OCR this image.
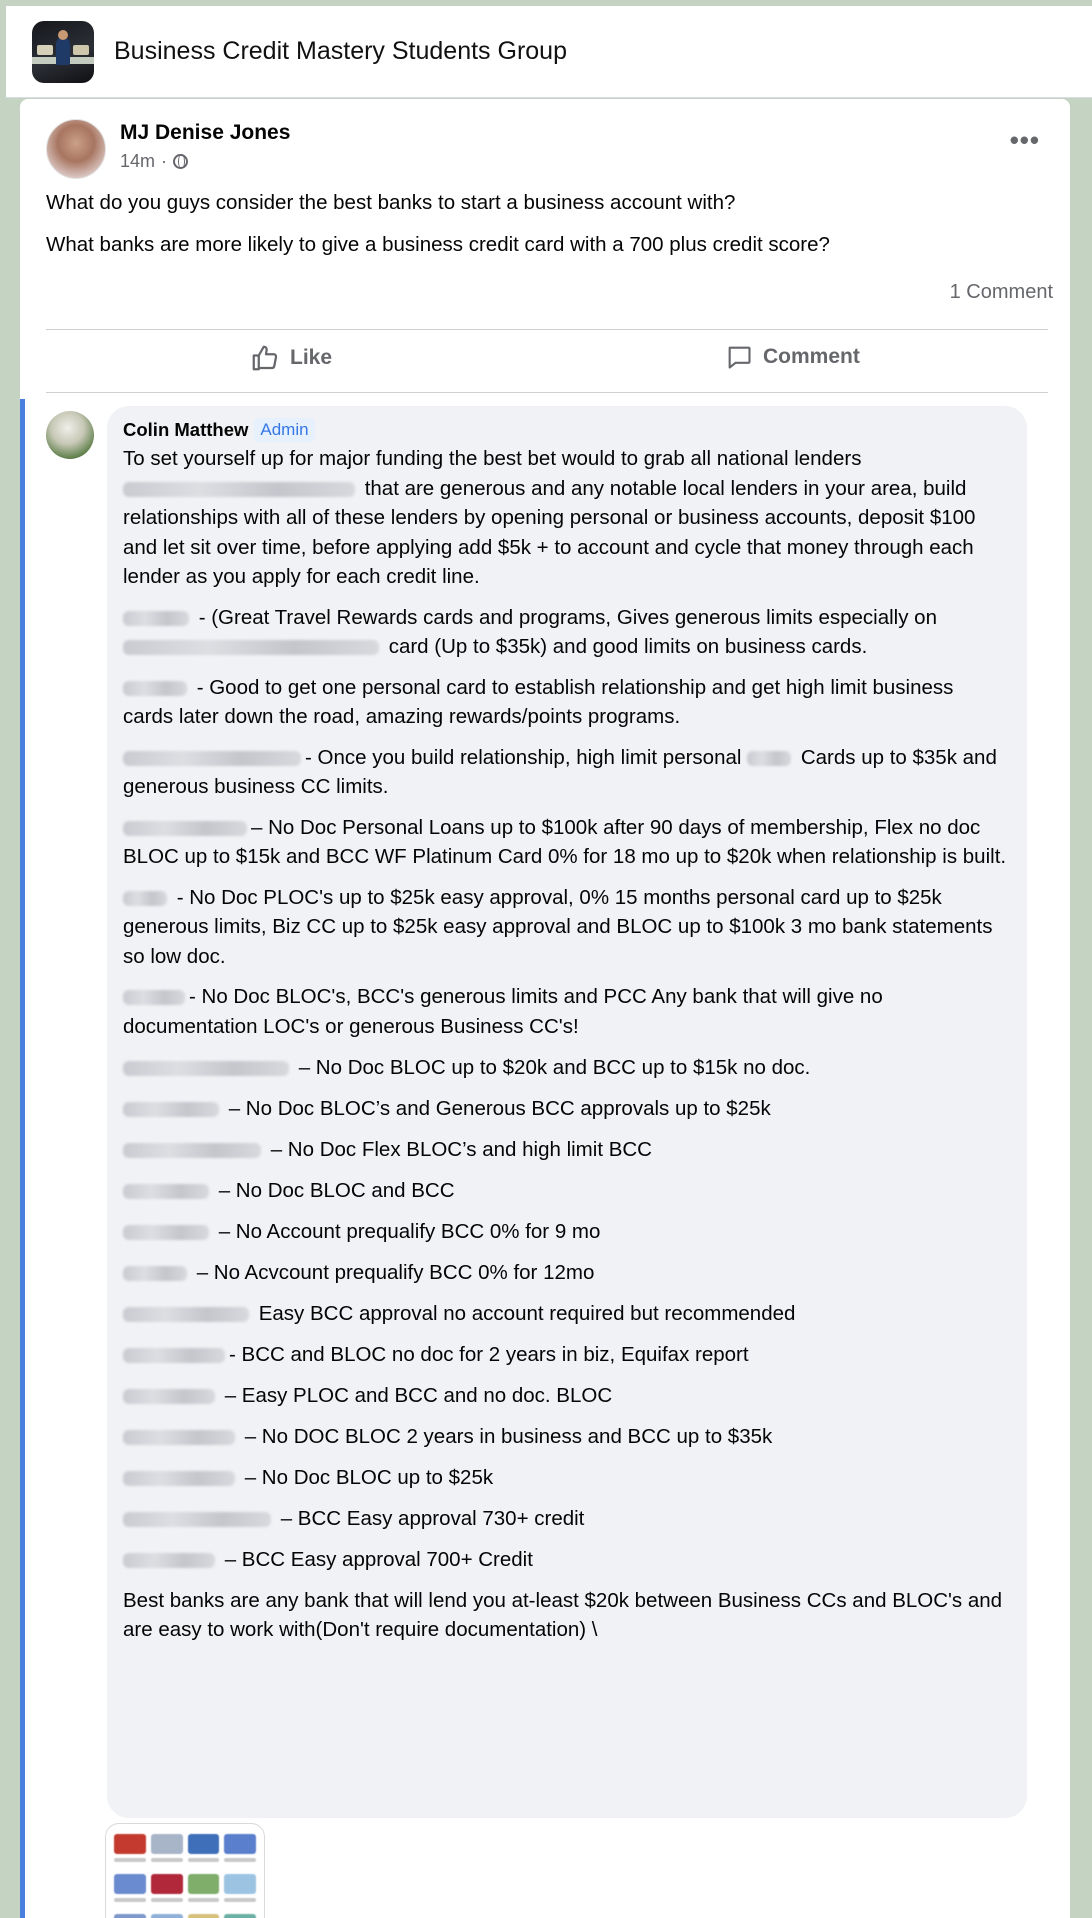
Business Credit Mastery Students Group
MJ Denise Jones
14m ·
•••
What do you guys consider the best banks to start a business account with?
What banks are more likely to give a business credit card with a 700 plus credit score?
1 Comment
Like	Comment
Colin Matthew Admin

To set yourself up for major funding the best bet would to grab all national lenders that are generous and any notable local lenders in your area, build relationships with all of these lenders by opening personal or business accounts, deposit $100 and let sit over time, before applying add $5k + to account and cycle that money through each lender as you apply for each credit line.

- (Great Travel Rewards cards and programs, Gives generous limits especially on  card (Up to $35k) and good limits on business cards.

- Good to get one personal card to establish relationship and get high limit business cards later down the road, amazing rewards/points programs.

- Once you build relationship, high limit personal  Cards up to $35k and generous business CC limits.

– No Doc Personal Loans up to $100k after 90 days of membership, Flex no doc BLOC up to $15k and BCC WF Platinum Card 0% for 18 mo up to $20k when relationship is built.

- No Doc PLOC's up to $25k easy approval, 0% 15 months personal card up to $25k generous limits, Biz CC up to $25k easy approval and BLOC up to $100k 3 mo bank statements so low doc.

- No Doc BLOC's, BCC's generous limits and PCC Any bank that will give no documentation LOC's or generous Business CC's!

– No Doc BLOC up to $20k and BCC up to $15k no doc.

– No Doc BLOC’s and Generous BCC approvals up to $25k

– No Doc Flex BLOC’s and high limit BCC

– No Doc BLOC and BCC

– No Account prequalify BCC 0% for 9 mo

– No Acvcount prequalify BCC 0% for 12mo

Easy BCC approval no account required but recommended

- BCC and BLOC no doc for 2 years in biz, Equifax report

– Easy PLOC and BCC and no doc. BLOC

– No DOC BLOC 2 years in business and BCC up to $35k

– No Doc BLOC up to $25k

– BCC Easy approval 730+ credit

– BCC Easy approval 700+ Credit

Best banks are any bank that will lend you at-least $20k between Business CCs and BLOC's and are easy to work with(Don't require documentation) \
